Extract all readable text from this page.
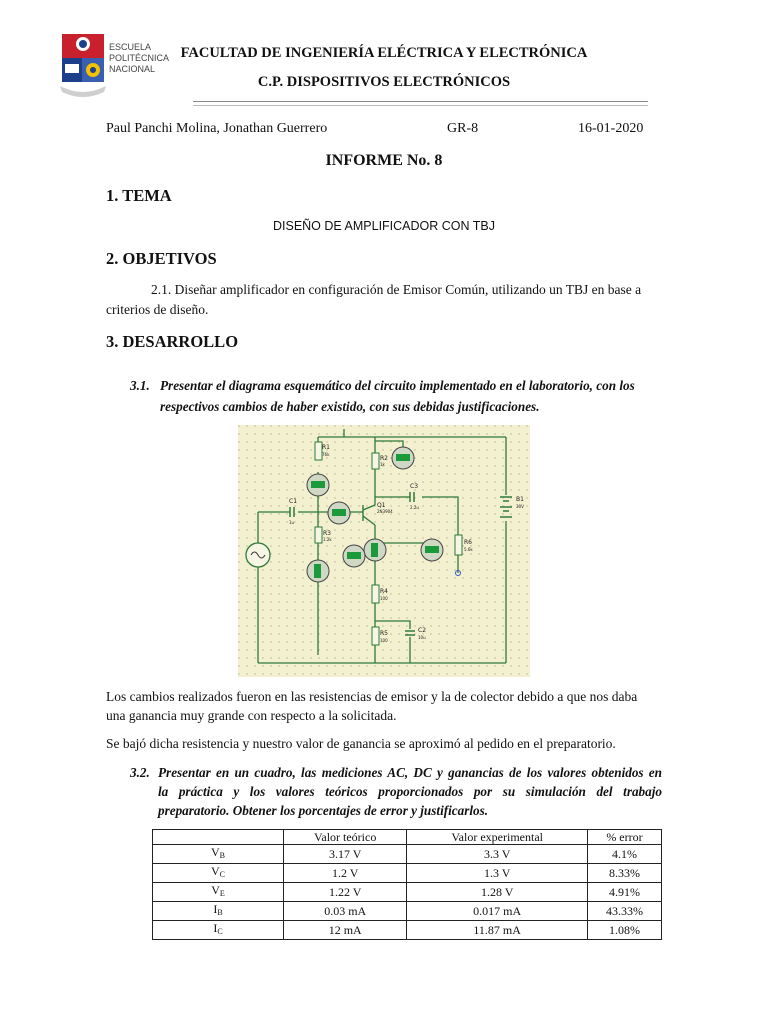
ESCUELA
POLITÉCNICA
NACIONAL
FACULTAD DE INGENIERÍA ELÉCTRICA Y ELECTRÓNICA
C.P. DISPOSITIVOS ELECTRÓNICOS
Paul Panchi Molina, Jonathan Guerrero	GR-8	16-01-2020
INFORME No. 8
1. TEMA
DISEÑO DE AMPLIFICADOR CON TBJ
2. OBJETIVOS
2.1. Diseñar amplificador en configuración de Emisor Común, utilizando un TBJ en base a
criterios de diseño.
3. DESARROLLO
3.1. Presentar el diagrama esquemático del circuito implementado en el laboratorio, con los
respectivos cambios de haber existido, con sus debidas justificaciones.
R1
76k
R2
1k
R3
1.2k
R4
100
R5
100
R6
5.6k
C1
1u
C3
2.2u
C2
10u
Q1
2N3904
B1
30V
Los cambios realizados fueron en las resistencias de emisor y la de colector debido a que nos daba
una ganancia muy grande con respecto a la solicitada.
Se bajó dicha resistencia y nuestro valor de ganancia se aproximó al pedido en el preparatorio.
3.2. Presentar en un cuadro, las mediciones AC, DC y ganancias de los valores obtenidos en
la práctica y los valores teóricos proporcionados por su simulación del trabajo
preparatorio. Obtener los porcentajes de error y justificarlos.
	Valor teórico	Valor experimental	% error
$V_B$	3.17 V	3.3 V	4.1%
$V_C$	1.2 V	1.3 V	8.33%
$V_E$	1.22 V	1.28 V	4.91%
$I_B$	0.03 mA	0.017 mA	43.33%
$I_C$	12 mA	11.87 mA	1.08%
